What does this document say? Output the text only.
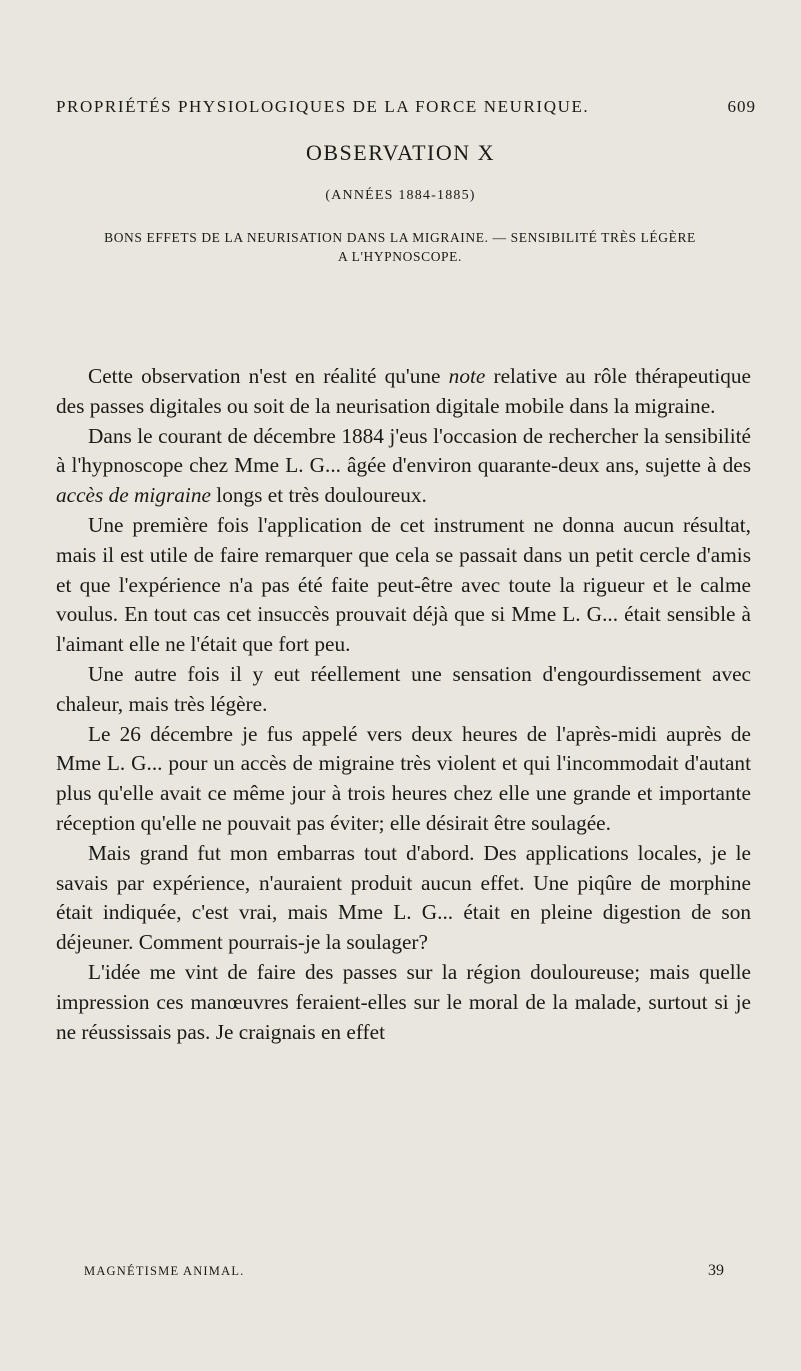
PROPRIÉTÉS PHYSIOLOGIQUES DE LA FORCE NEURIQUE.	609
OBSERVATION X
(ANNÉES 1884-1885)
BONS EFFETS DE LA NEURISATION DANS LA MIGRAINE. — SENSIBILITÉ TRÈS LÉGÈRE A L'HYPNOSCOPE.

Cette observation n'est en réalité qu'une note relative au rôle thérapeutique des passes digitales ou soit de la neurisation digitale mobile dans la migraine.

Dans le courant de décembre 1884 j'eus l'occasion de rechercher la sensibilité à l'hypnoscope chez Mme L. G... âgée d'environ quarante-deux ans, sujette à des accès de migraine longs et très douloureux.

Une première fois l'application de cet instrument ne donna aucun résultat, mais il est utile de faire remarquer que cela se passait dans un petit cercle d'amis et que l'expérience n'a pas été faite peut-être avec toute la rigueur et le calme voulus. En tout cas cet insuccès prouvait déjà que si Mme L. G... était sensible à l'aimant elle ne l'était que fort peu.

Une autre fois il y eut réellement une sensation d'engourdissement avec chaleur, mais très légère.

Le 26 décembre je fus appelé vers deux heures de l'après-midi auprès de Mme L. G... pour un accès de migraine très violent et qui l'incommodait d'autant plus qu'elle avait ce même jour à trois heures chez elle une grande et importante réception qu'elle ne pouvait pas éviter; elle désirait être soulagée.

Mais grand fut mon embarras tout d'abord. Des applications locales, je le savais par expérience, n'auraient produit aucun effet. Une piqûre de morphine était indiquée, c'est vrai, mais Mme L. G... était en pleine digestion de son déjeuner. Comment pourrais-je la soulager?

L'idée me vint de faire des passes sur la région douloureuse; mais quelle impression ces manœuvres feraient-elles sur le moral de la malade, surtout si je ne réussissais pas. Je craignais en effet

MAGNÉTISME ANIMAL.	39
